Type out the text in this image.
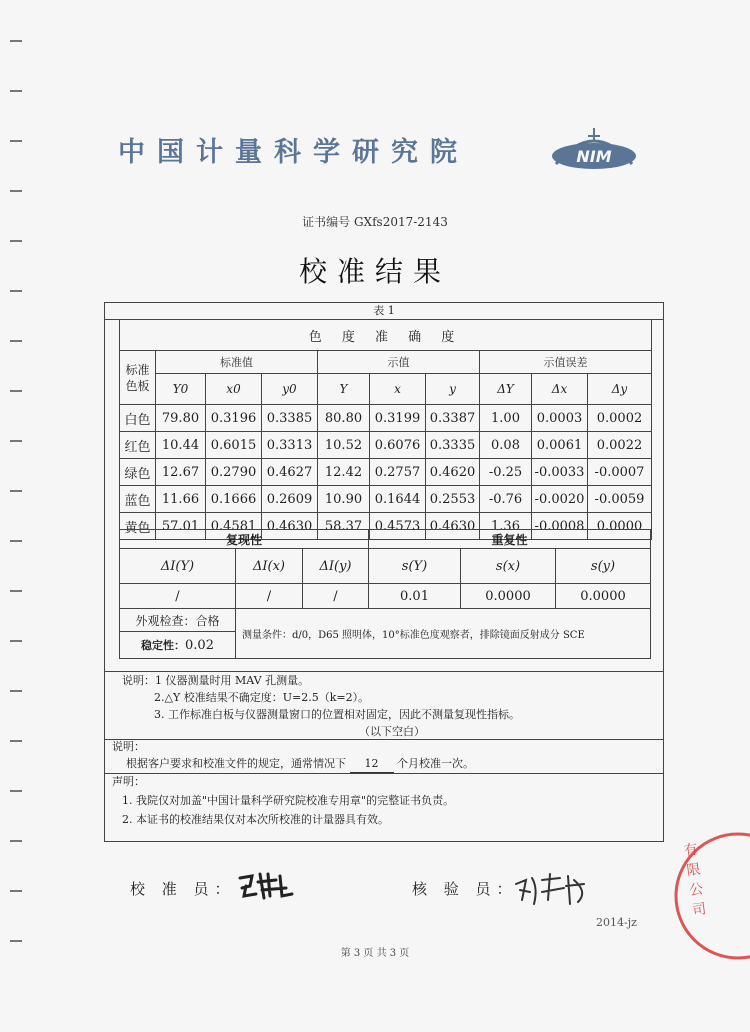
中国计量科学研究院	NIM
证书编号 GXfs2017-2143
校准结果
表 1
色 度 准 确 度									
标准色板	标准值			示值			示值误差		
	Y0	x0	y0	Y	x	y	ΔY	Δx	Δy
白色	79.80	0.3196	0.3385	80.80	0.3199	0.3387	1.00	0.0003	0.0002
红色	10.44	0.6015	0.3313	10.52	0.6076	0.3335	0.08	0.0061	0.0022
绿色	12.67	0.2790	0.4627	12.42	0.2757	0.4620	-0.25	-0.0033	-0.0007
蓝色	11.66	0.1666	0.2609	10.90	0.1644	0.2553	-0.76	-0.0020	-0.0059
黄色	57.01	0.4581	0.4630	58.37	0.4573	0.4630	1.36	-0.0008	0.0000
复现性	重复性
ΔI(Y)	ΔI(x)	ΔI(y)	s(Y)	s(x)	s(y)
/	/	/	0.01	0.0000	0.0000
外观检查：合格
稳定性： 0.02
测量条件：d/0，D65 照明体，10°标准色度观察者，排除镜面反射成分 SCE
说明：1 仪器测量时用 MAV 孔测量。
2.△Y 校准结果不确定度：U=2.5（k=2）。
3. 工作标准白板与仪器测量窗口的位置相对固定，因此不测量复现性指标。
（以下空白）
说明：
根据客户要求和校准文件的规定，通常情况下 12 个月校准一次。
声明：
1. 我院仅对加盖"中国计量科学研究院校准专用章"的完整证书负责。
2. 本证书的校准结果仅对本次所校准的计量器具有效。
校 准 员：	核 验 员：
2014-jz
第 3 页 共 3 页
有限公司
